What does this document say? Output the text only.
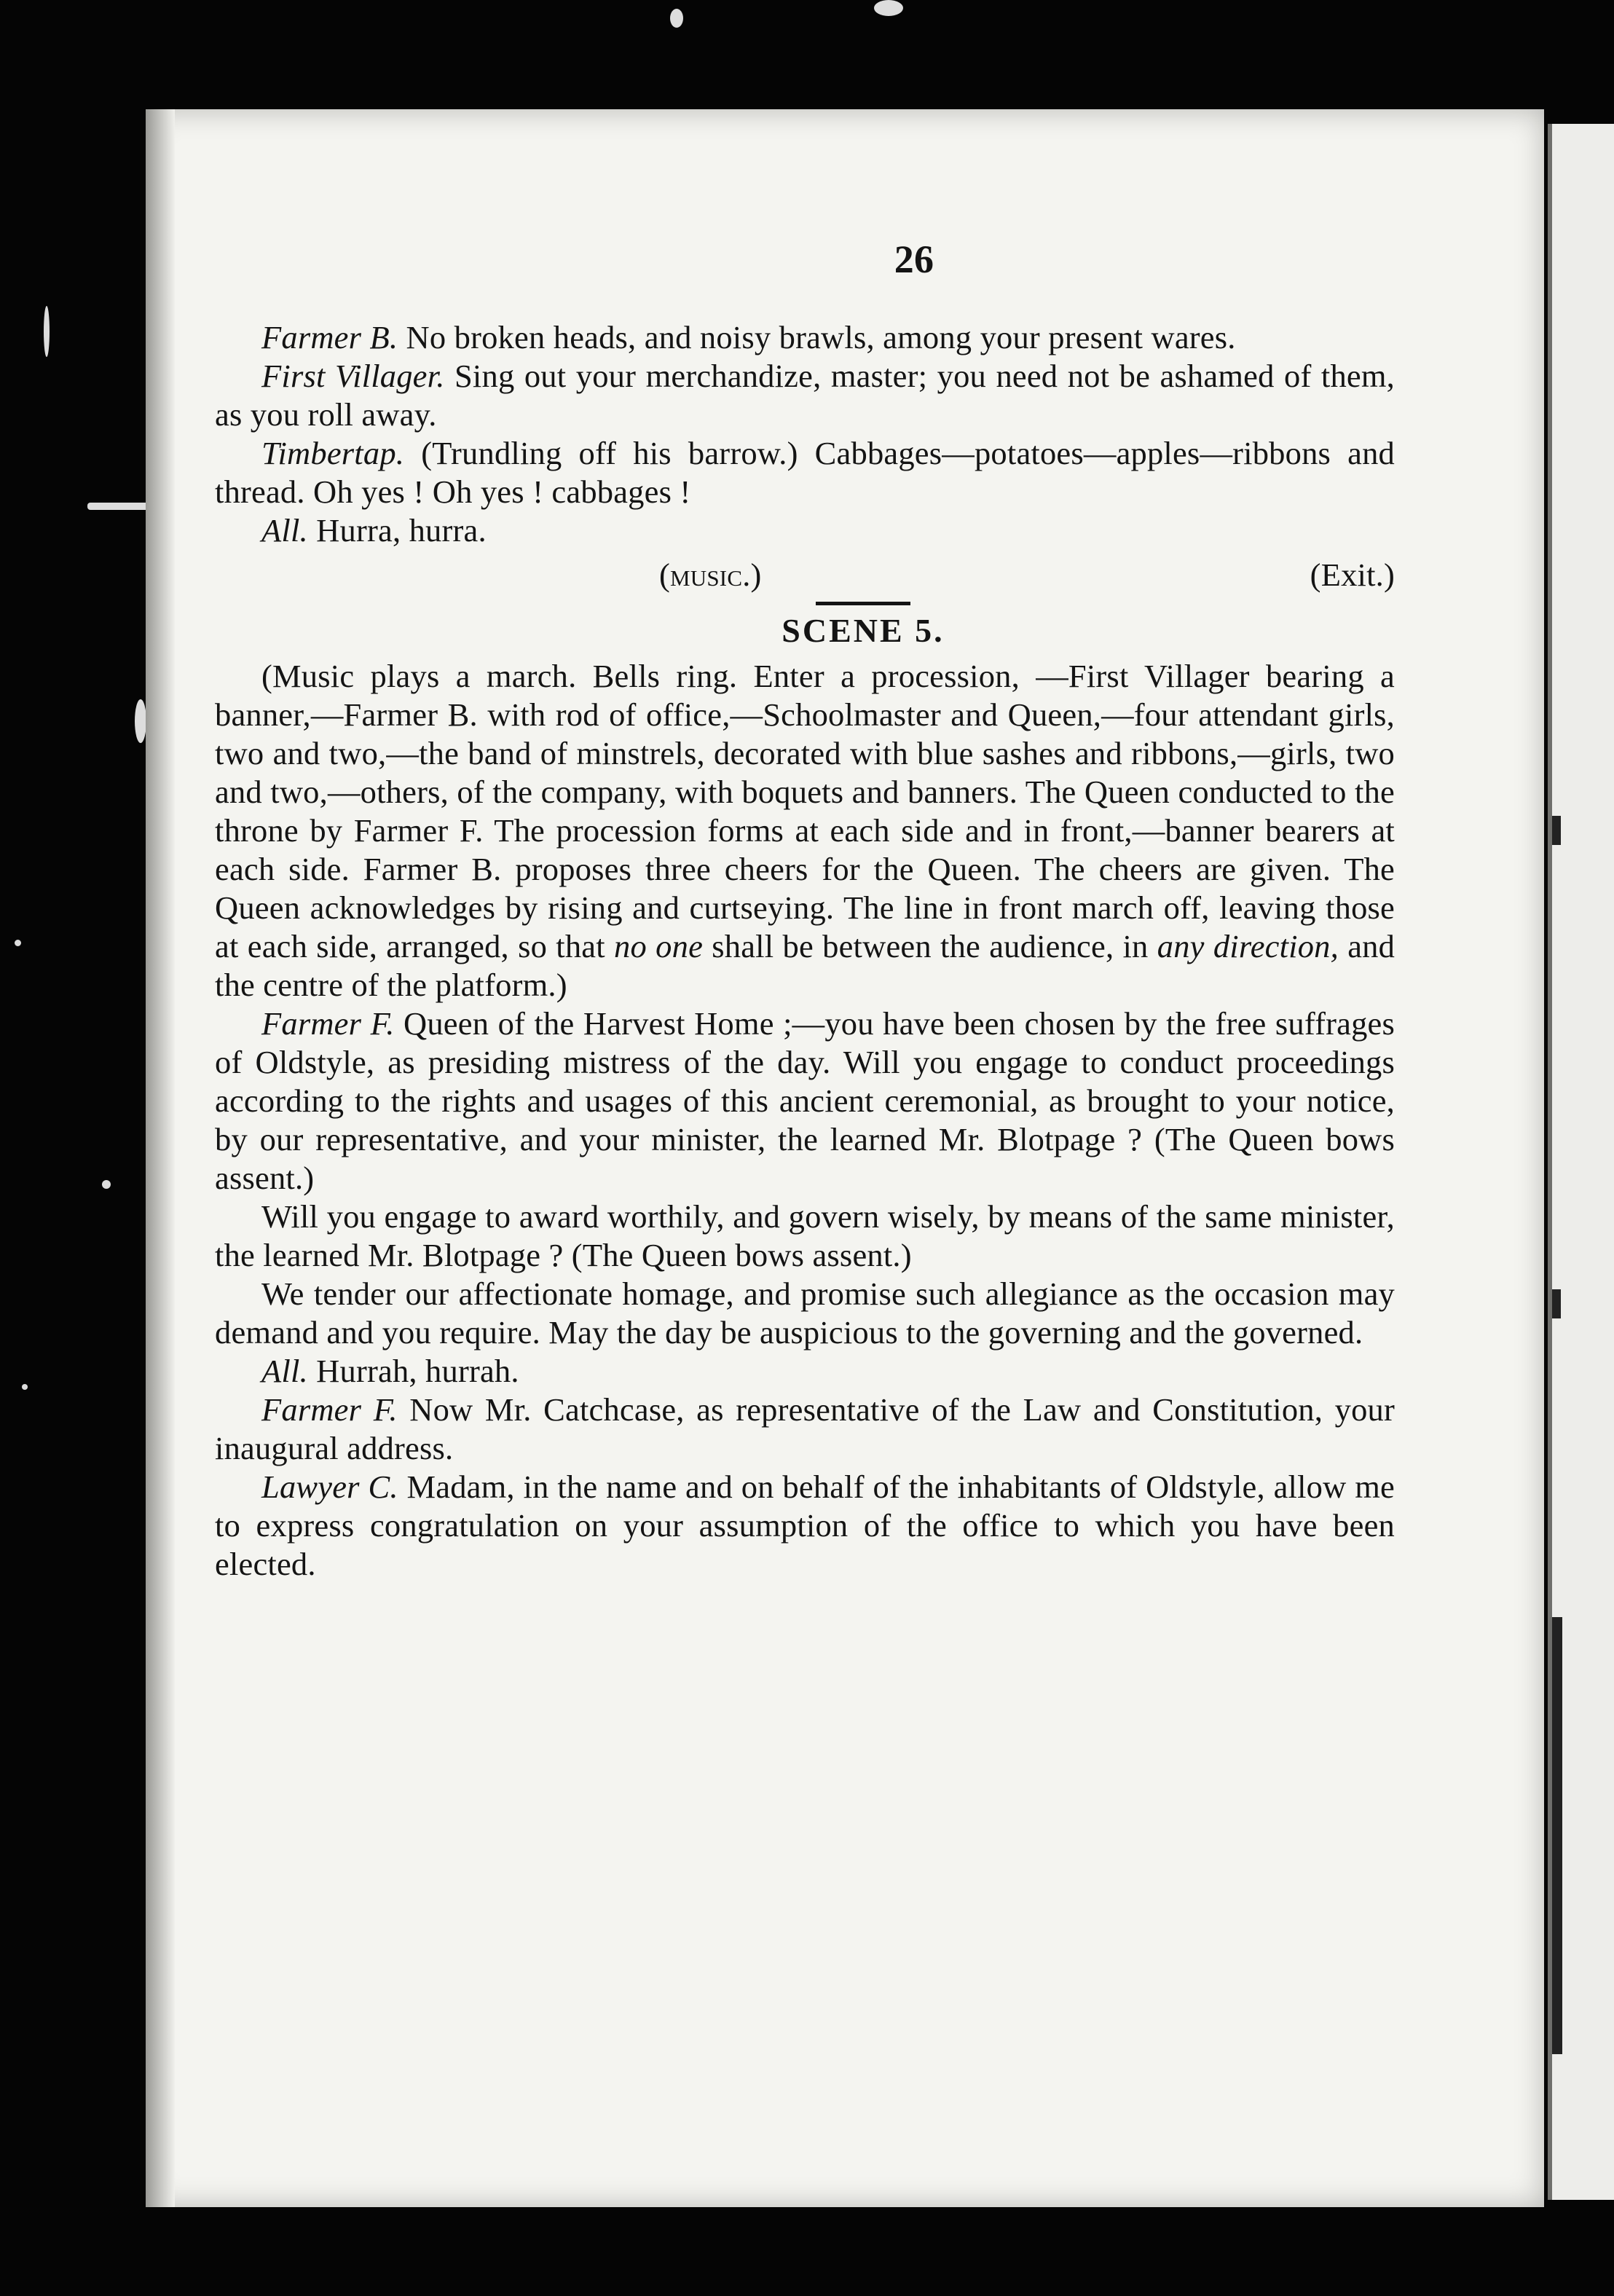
26

Farmer B. No broken heads, and noisy brawls, among your present wares.

First Villager. Sing out your merchandize, master; you need not be ashamed of them, as you roll away.

Timbertap. (Trundling off his barrow.) Cabbages—potatoes—apples—ribbons and thread. Oh yes ! Oh yes ! cabbages !

All. Hurra, hurra.

(music.)	(Exit.)
SCENE 5.

(Music plays a march. Bells ring. Enter a procession, —First Villager bearing a banner,—Farmer B. with rod of office,—Schoolmaster and Queen,—four attendant girls, two and two,—the band of minstrels, decorated with blue sashes and ribbons,—girls, two and two,—others, of the company, with boquets and banners. The Queen conducted to the throne by Farmer F. The procession forms at each side and in front,—banner bearers at each side. Farmer B. proposes three cheers for the Queen. The cheers are given. The Queen acknowledges by rising and curtseying. The line in front march off, leaving those at each side, arranged, so that no one shall be between the audience, in any direction, and the centre of the platform.)

Farmer F. Queen of the Harvest Home ;—you have been chosen by the free suffrages of Oldstyle, as presiding mistress of the day. Will you engage to conduct proceedings according to the rights and usages of this ancient ceremonial, as brought to your notice, by our representative, and your minister, the learned Mr. Blotpage ? (The Queen bows assent.)

Will you engage to award worthily, and govern wisely, by means of the same minister, the learned Mr. Blotpage ? (The Queen bows assent.)

We tender our affectionate homage, and promise such allegiance as the occasion may demand and you require. May the day be auspicious to the governing and the governed.

All. Hurrah, hurrah.

Farmer F. Now Mr. Catchcase, as representative of the Law and Constitution, your inaugural address.

Lawyer C. Madam, in the name and on behalf of the inhabitants of Oldstyle, allow me to express congratulation on your assumption of the office to which you have been elected.
